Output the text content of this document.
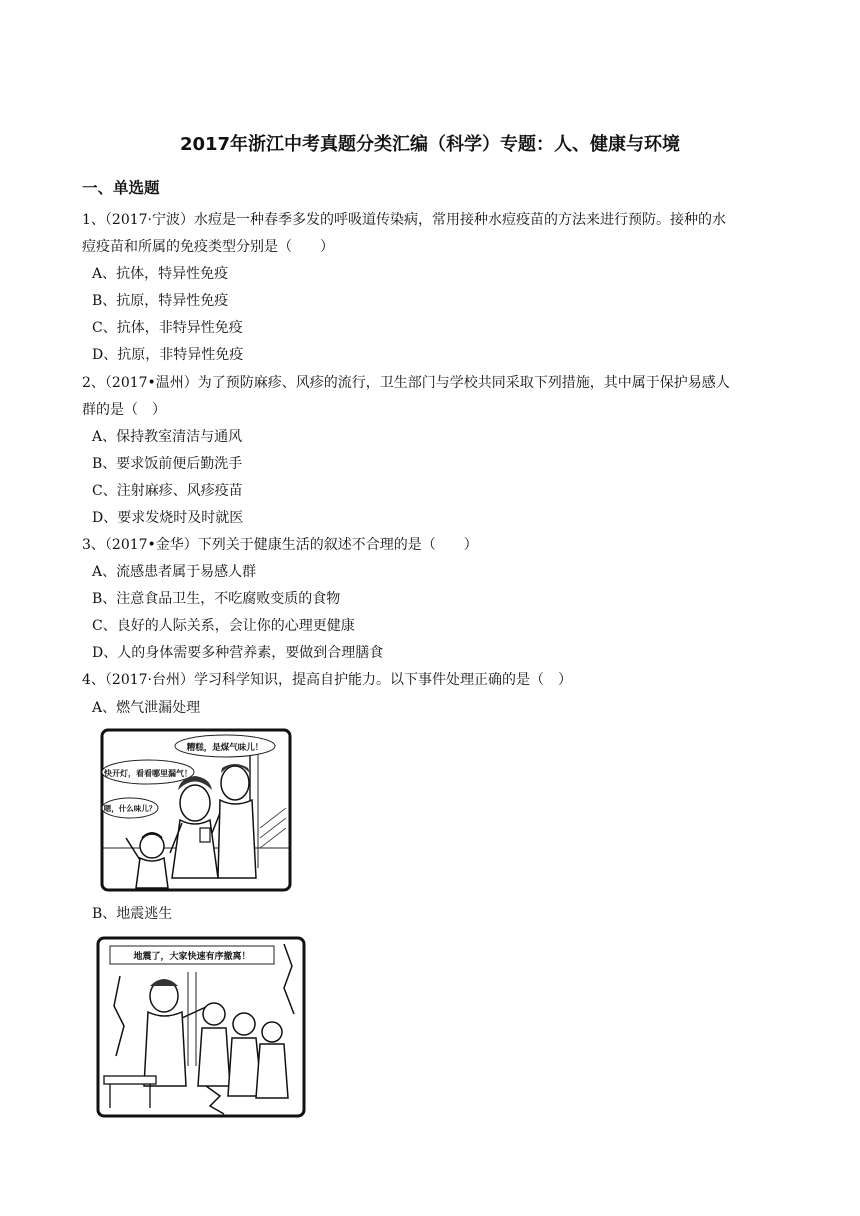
2017年浙江中考真题分类汇编（科学）专题：人、健康与环境
一、单选题
1、（2017·宁波）水痘是一种春季多发的呼吸道传染病，常用接种水痘疫苗的方法来进行预防。接种的水
痘疫苗和所属的免疫类型分别是（　　）
A、抗体，特异性免疫
B、抗原，特异性免疫
C、抗体，非特异性免疫
D、抗原，非特异性免疫
2、（2017•温州）为了预防麻疹、风疹的流行，卫生部门与学校共同采取下列措施，其中属于保护易感人
群的是（　）
A、保持教室清洁与通风
B、要求饭前便后勤洗手
C、注射麻疹、风疹疫苗
D、要求发烧时及时就医
3、（2017•金华）下列关于健康生活的叙述不合理的是（　　）
A、流感患者属于易感人群
B、注意食品卫生，不吃腐败变质的食物
C、良好的人际关系，会让你的心理更健康
D、人的身体需要多种营养素，要做到合理膳食
4、（2017·台州）学习科学知识，提高自护能力。以下事件处理正确的是（　）
A、燃气泄漏处理
糟糕，是煤气味儿！
快开灯，看看哪里漏气！
嗯，什么味儿？
B、地震逃生
地震了，大家快速有序撤离！
